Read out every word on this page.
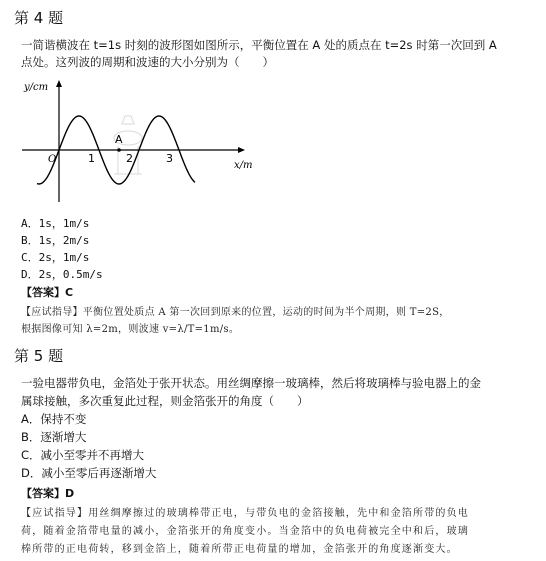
第 4 题
一简谐横波在 t=1s 时刻的波形图如图所示，平衡位置在 A 处的质点在 t=2s 时第一次回到 A
点处。这列波的周期和波速的大小分别为（　　）
y/cm
x/m
O
A
1	2	3
A．1s，1m/s
B．1s，2m/s
C．2s，1m/s
D．2s，0.5m/s
【答案】C
【应试指导】平衡位置处质点 A 第一次回到原来的位置，运动的时间为半个周期，则 T=2S，
根据图像可知 λ=2m，则波速 v=λ/T=1m/s。
第 5 题
一验电器带负电，金箔处于张开状态。用丝绸摩擦一玻璃棒，然后将玻璃棒与验电器上的金
属球接触，多次重复此过程，则金箔张开的角度（　　）
A．保持不变
B．逐渐增大
C．减小至零并不再增大
D．减小至零后再逐渐增大
【答案】D
【应试指导】用丝绸摩擦过的玻璃棒带正电，与带负电的金箔接触，先中和金箔所带的负电
荷，随着金箔带电量的减小，金箔张开的角度变小。当金箔中的负电荷被完全中和后，玻璃
棒所带的正电荷转，移到金箔上，随着所带正电荷量的增加，金箔张开的角度逐渐变大。
